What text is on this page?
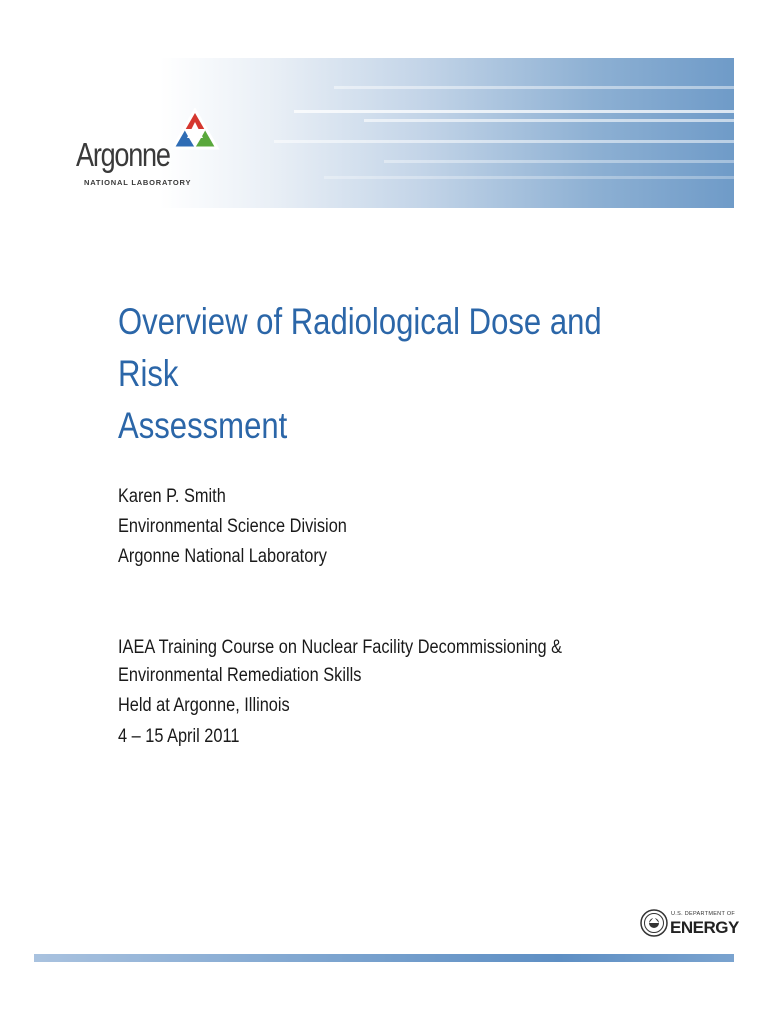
Argonne
NATIONAL LABORATORY
Overview of Radiological Dose and Risk
Assessment
Karen P. Smith
Environmental Science Division
Argonne National Laboratory
IAEA Training Course on Nuclear Facility Decommissioning &
Environmental Remediation Skills
Held at Argonne, Illinois
4 – 15 April 2011
U.S. DEPARTMENT OF
ENERGY
